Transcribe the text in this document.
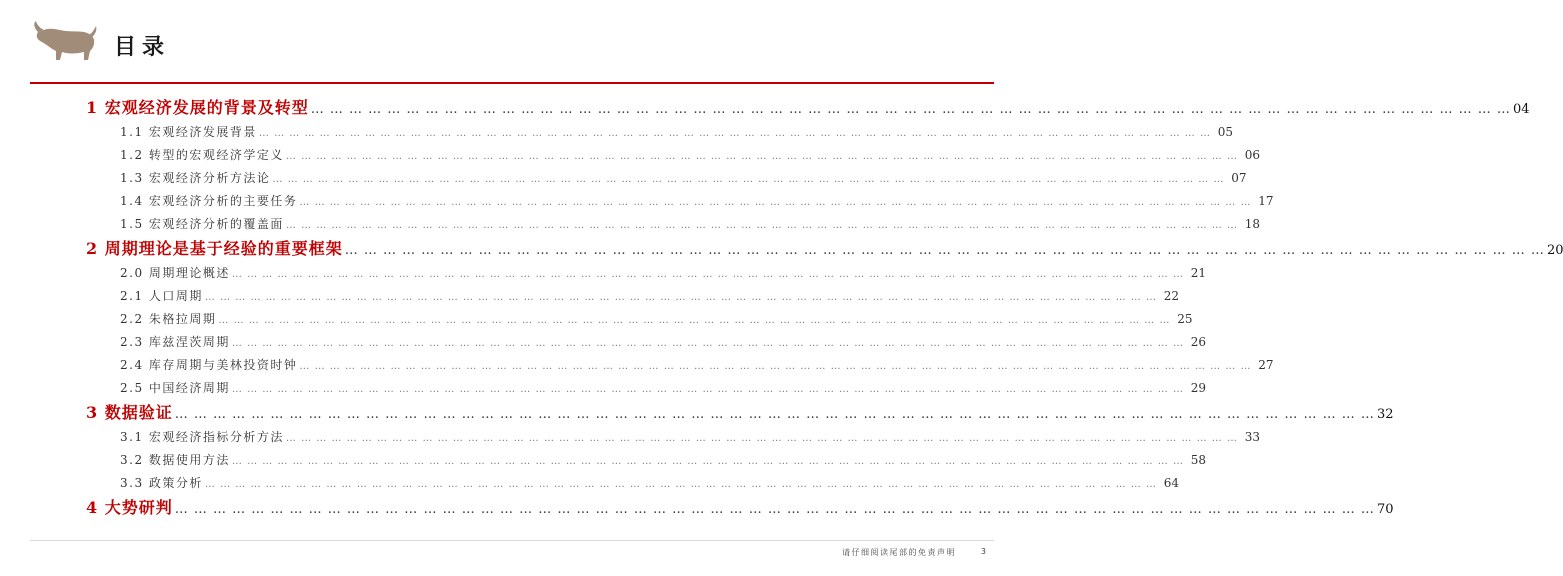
目录
1 宏观经济发展的背景及转型 … … … … … … … … … … … … … … … … … … … … … … … … … … … … … … … … … … … … … … … … … … … … … … … … … … … … … … … … … … … … … … … 04
1.1 宏观经济发展背景 … … … … … … … … … … … … … … … … … … … … … … … … … … … … … … … … … … … … … … … … … … … … … … … … … … … … … … … … … … … … … … … 05
1.2 转型的宏观经济学定义 … … … … … … … … … … … … … … … … … … … … … … … … … … … … … … … … … … … … … … … … … … … … … … … … … … … … … … … … … … … … … … … 06
1.3 宏观经济分析方法论 … … … … … … … … … … … … … … … … … … … … … … … … … … … … … … … … … … … … … … … … … … … … … … … … … … … … … … … … … … … … … … … 07
1.4 宏观经济分析的主要任务 … … … … … … … … … … … … … … … … … … … … … … … … … … … … … … … … … … … … … … … … … … … … … … … … … … … … … … … … … … … … … … … 17
1.5 宏观经济分析的覆盖面 … … … … … … … … … … … … … … … … … … … … … … … … … … … … … … … … … … … … … … … … … … … … … … … … … … … … … … … … … … … … … … … 18
2 周期理论是基于经验的重要框架 … … … … … … … … … … … … … … … … … … … … … … … … … … … … … … … … … … … … … … … … … … … … … … … … … … … … … … … … … … … … … … … 20
2.0 周期理论概述 … … … … … … … … … … … … … … … … … … … … … … … … … … … … … … … … … … … … … … … … … … … … … … … … … … … … … … … … … … … … … … … 21
2.1 人口周期 … … … … … … … … … … … … … … … … … … … … … … … … … … … … … … … … … … … … … … … … … … … … … … … … … … … … … … … … … … … … … … … 22
2.2 朱格拉周期 … … … … … … … … … … … … … … … … … … … … … … … … … … … … … … … … … … … … … … … … … … … … … … … … … … … … … … … … … … … … … … … 25
2.3 库兹涅茨周期 … … … … … … … … … … … … … … … … … … … … … … … … … … … … … … … … … … … … … … … … … … … … … … … … … … … … … … … … … … … … … … … 26
2.4 库存周期与美林投资时钟 … … … … … … … … … … … … … … … … … … … … … … … … … … … … … … … … … … … … … … … … … … … … … … … … … … … … … … … … … … … … … … … 27
2.5 中国经济周期 … … … … … … … … … … … … … … … … … … … … … … … … … … … … … … … … … … … … … … … … … … … … … … … … … … … … … … … … … … … … … … … 29
3 数据验证 … … … … … … … … … … … … … … … … … … … … … … … … … … … … … … … … … … … … … … … … … … … … … … … … … … … … … … … … … … … … … … … 32
3.1 宏观经济指标分析方法 … … … … … … … … … … … … … … … … … … … … … … … … … … … … … … … … … … … … … … … … … … … … … … … … … … … … … … … … … … … … … … … 33
3.2 数据使用方法 … … … … … … … … … … … … … … … … … … … … … … … … … … … … … … … … … … … … … … … … … … … … … … … … … … … … … … … … … … … … … … … 58
3.3 政策分析 … … … … … … … … … … … … … … … … … … … … … … … … … … … … … … … … … … … … … … … … … … … … … … … … … … … … … … … … … … … … … … … 64
4 大势研判 … … … … … … … … … … … … … … … … … … … … … … … … … … … … … … … … … … … … … … … … … … … … … … … … … … … … … … … … … … … … … … … 70
请仔细阅读尾部的免责声明	3
